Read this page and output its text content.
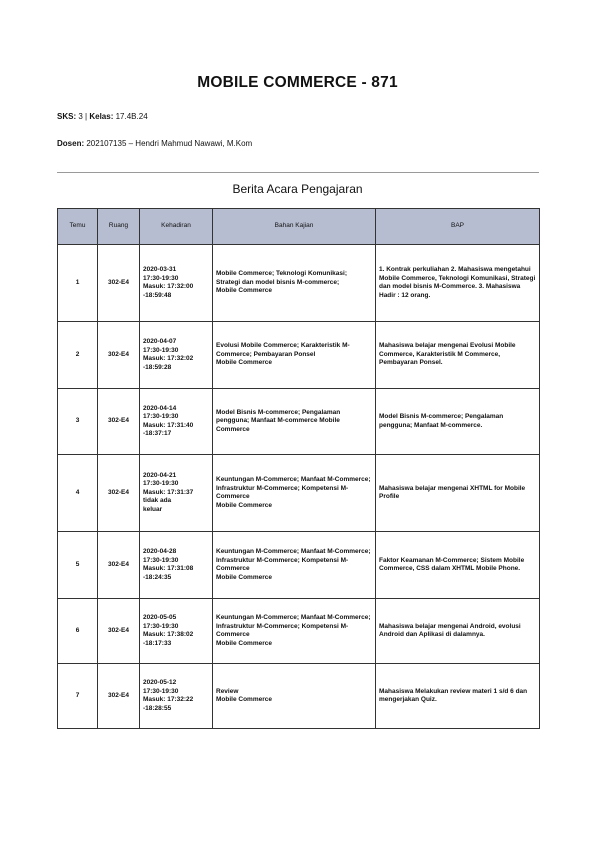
MOBILE COMMERCE - 871
SKS: 3 | Kelas: 17.4B.24
Dosen: 202107135 – Hendri Mahmud Nawawi, M.Kom
Berita Acara Pengajaran
Temu	Ruang	Kehadiran	Bahan Kajian	BAP
1	302-E4	2020-03-31
17:30-19:30
Masuk: 17:32:00
-18:59:48	Mobile Commerce; Teknologi Komunikasi; Strategi dan model bisnis M-commerce;
Mobile Commerce	1. Kontrak perkuliahan 2. Mahasiswa mengetahui Mobile Commerce, Teknologi Komunikasi, Strategi dan model bisnis M-Commerce. 3. Mahasiswa Hadir : 12 orang.
2	302-E4	2020-04-07
17:30-19:30
Masuk: 17:32:02
-18:59:28	Evolusi Mobile Commerce; Karakteristik M-Commerce; Pembayaran Ponsel
Mobile Commerce	Mahasiswa belajar mengenai Evolusi Mobile Commerce, Karakteristik M Commerce, Pembayaran Ponsel.
3	302-E4	2020-04-14
17:30-19:30
Masuk: 17:31:40
-18:37:17	Model Bisnis M-commerce; Pengalaman pengguna; Manfaat M-commerce Mobile Commerce	Model Bisnis M-commerce; Pengalaman pengguna; Manfaat M-commerce.
4	302-E4	2020-04-21
17:30-19:30
Masuk: 17:31:37
tidak ada
keluar	Keuntungan M-Commerce; Manfaat M-Commerce; Infrastruktur M-Commerce; Kompetensi M-Commerce
Mobile Commerce	Mahasiswa belajar mengenai XHTML for Mobile Profile
5	302-E4	2020-04-28
17:30-19:30
Masuk: 17:31:08
-18:24:35	Keuntungan M-Commerce; Manfaat M-Commerce; Infrastruktur M-Commerce; Kompetensi M-Commerce
Mobile Commerce	Faktor Keamanan M-Commerce; Sistem Mobile Commerce, CSS dalam XHTML Mobile Phone.
6	302-E4	2020-05-05
17:30-19:30
Masuk: 17:38:02
-18:17:33	Keuntungan M-Commerce; Manfaat M-Commerce; Infrastruktur M-Commerce; Kompetensi M-Commerce
Mobile Commerce	Mahasiswa belajar mengenai Android, evolusi Android dan Aplikasi di dalamnya.
7	302-E4	2020-05-12
17:30-19:30
Masuk: 17:32:22
-18:28:55	Review
Mobile Commerce	Mahasiswa Melakukan review materi 1 s/d 6 dan mengerjakan Quiz.
